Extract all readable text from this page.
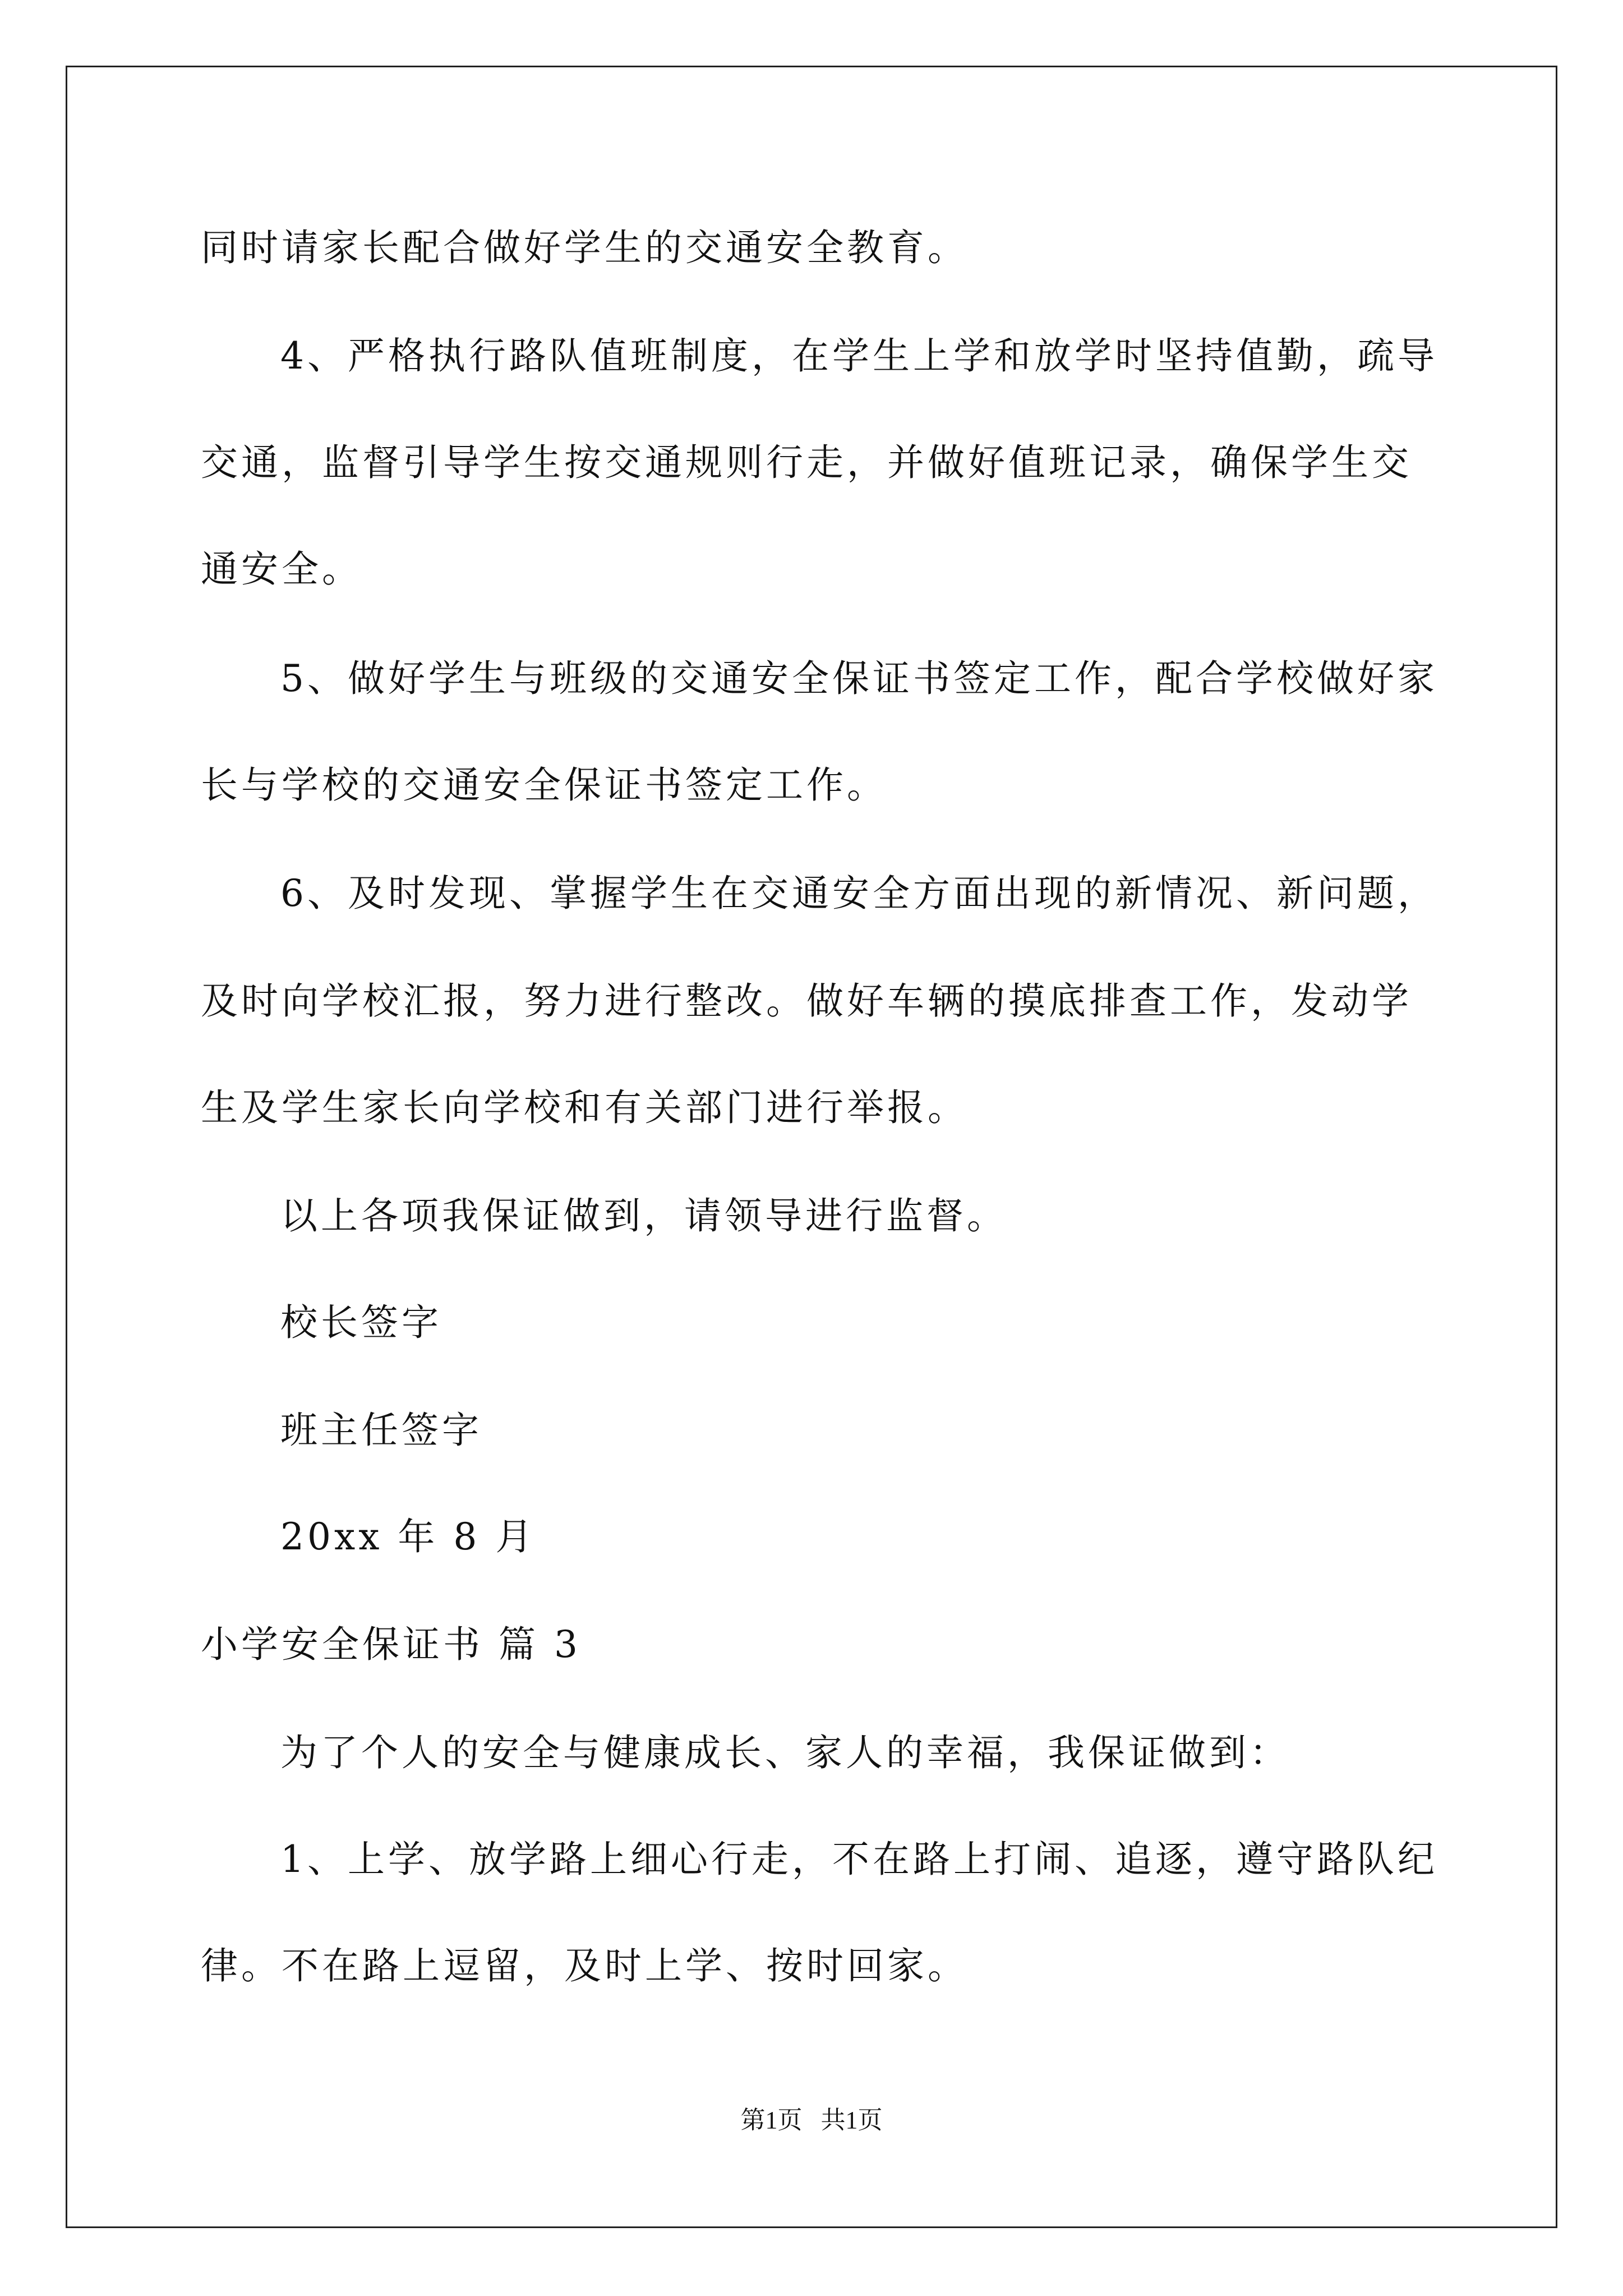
同时请家长配合做好学生的交通安全教育。
4、严格执行路队值班制度，在学生上学和放学时坚持值勤，疏导
交通，监督引导学生按交通规则行走，并做好值班记录，确保学生交
通安全。
5、做好学生与班级的交通安全保证书签定工作，配合学校做好家
长与学校的交通安全保证书签定工作。
6、及时发现、掌握学生在交通安全方面出现的新情况、新问题，
及时向学校汇报，努力进行整改。做好车辆的摸底排查工作，发动学
生及学生家长向学校和有关部门进行举报。
以上各项我保证做到，请领导进行监督。
校长签字
班主任签字
20xx 年 8 月
小学安全保证书 篇 3
为了个人的安全与健康成长、家人的幸福，我保证做到：
1、上学、放学路上细心行走，不在路上打闹、追逐，遵守路队纪
律。不在路上逗留，及时上学、按时回家。
第1页   共1页
